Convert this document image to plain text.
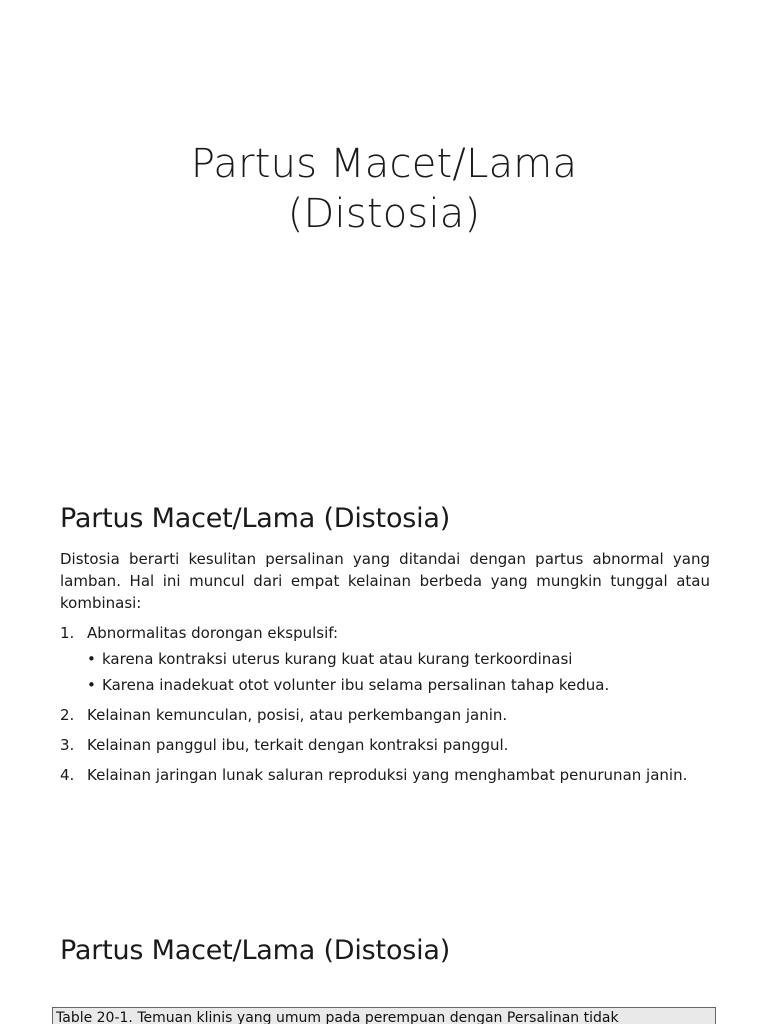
Partus Macet/Lama
(Distosia)
Partus Macet/Lama (Distosia)

Distosia berarti kesulitan persalinan yang ditandai dengan partus abnormal yang lamban. Hal ini muncul dari empat kelainan berbeda yang mungkin tunggal atau kombinasi:

1. Abnormalitas dorongan ekspulsif:
• karena kontraksi uterus kurang kuat atau kurang terkoordinasi
• Karena inadekuat otot volunter ibu selama persalinan tahap kedua.
2. Kelainan kemunculan, posisi, atau perkembangan janin.
3. Kelainan panggul ibu, terkait dengan kontraksi panggul.
4. Kelainan jaringan lunak saluran reproduksi yang menghambat penurunan janin.
Partus Macet/Lama (Distosia)
Table 20-1. Temuan klinis yang umum pada perempuan dengan Persalinan tidak
